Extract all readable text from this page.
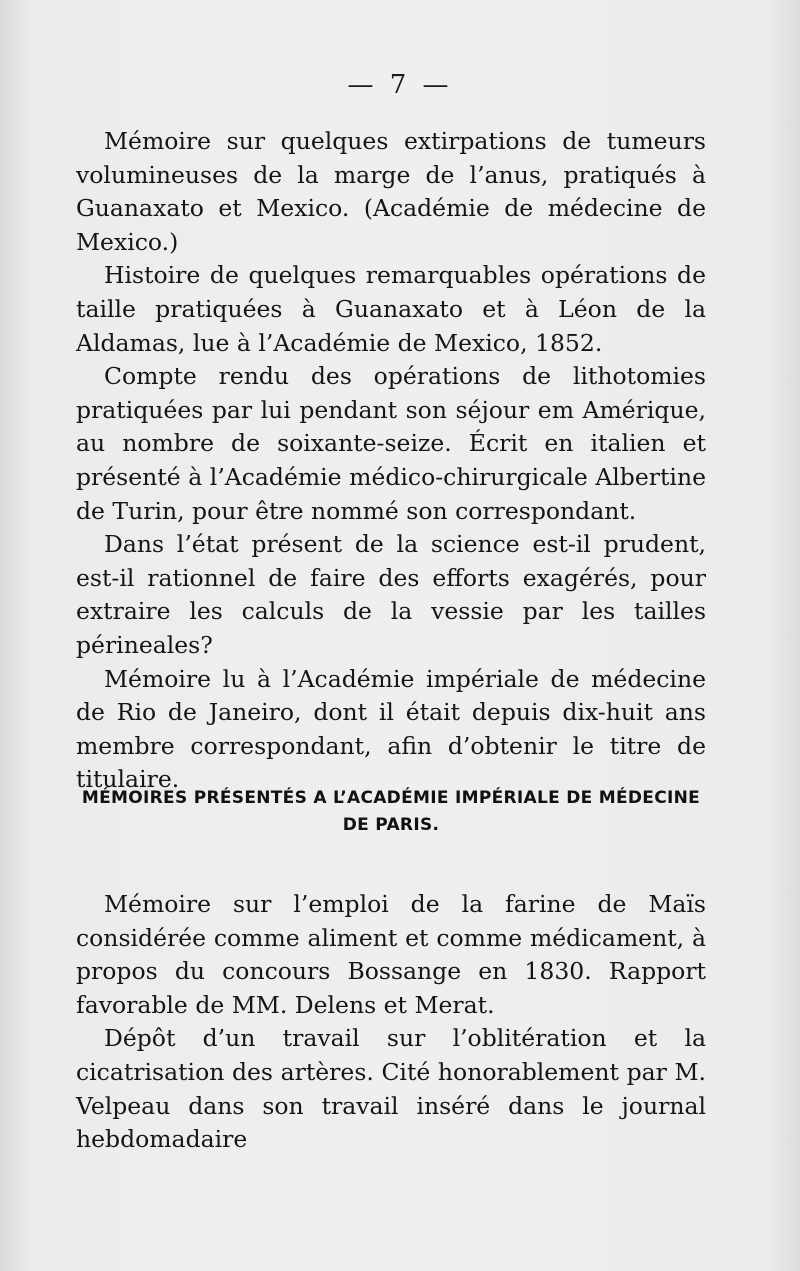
— 7 —

Mémoire sur quelques extirpations de tumeurs volumineuses de la marge de l’anus, pratiqués à Guanaxato et Mexico. (Académie de médecine de Mexico.)

Histoire de quelques remarquables opérations de taille pratiquées à Guanaxato et à Léon de la Aldamas, lue à l’Académie de Mexico, 1852.

Compte rendu des opérations de lithotomies pratiquées par lui pendant son séjour em Amérique, au nombre de soixante-seize. Écrit en italien et présenté à l’Académie médico-chirurgicale Albertine de Turin, pour être nommé son correspondant.

Dans l’état présent de la science est-il prudent, est-il rationnel de faire des efforts exagérés, pour extraire les calculs de la vessie par les tailles périneales?

Mémoire lu à l’Académie impériale de médecine de Rio de Janeiro, dont il était depuis dix-huit ans membre correspondant, afin d’obtenir le titre de titulaire.

MÉMOIRES PRÉSENTÉS A L’ACADÉMIE IMPÉRIALE DE MÉDECINE
DE PARIS.

Mémoire sur l’emploi de la farine de Maïs considérée comme aliment et comme médicament, à propos du concours Bossange en 1830. Rapport favorable de MM. Delens et Merat.

Dépôt d’un travail sur l’oblitération et la cicatrisation des artères. Cité honorablement par M. Velpeau dans son travail inséré dans le journal hebdomadaire
